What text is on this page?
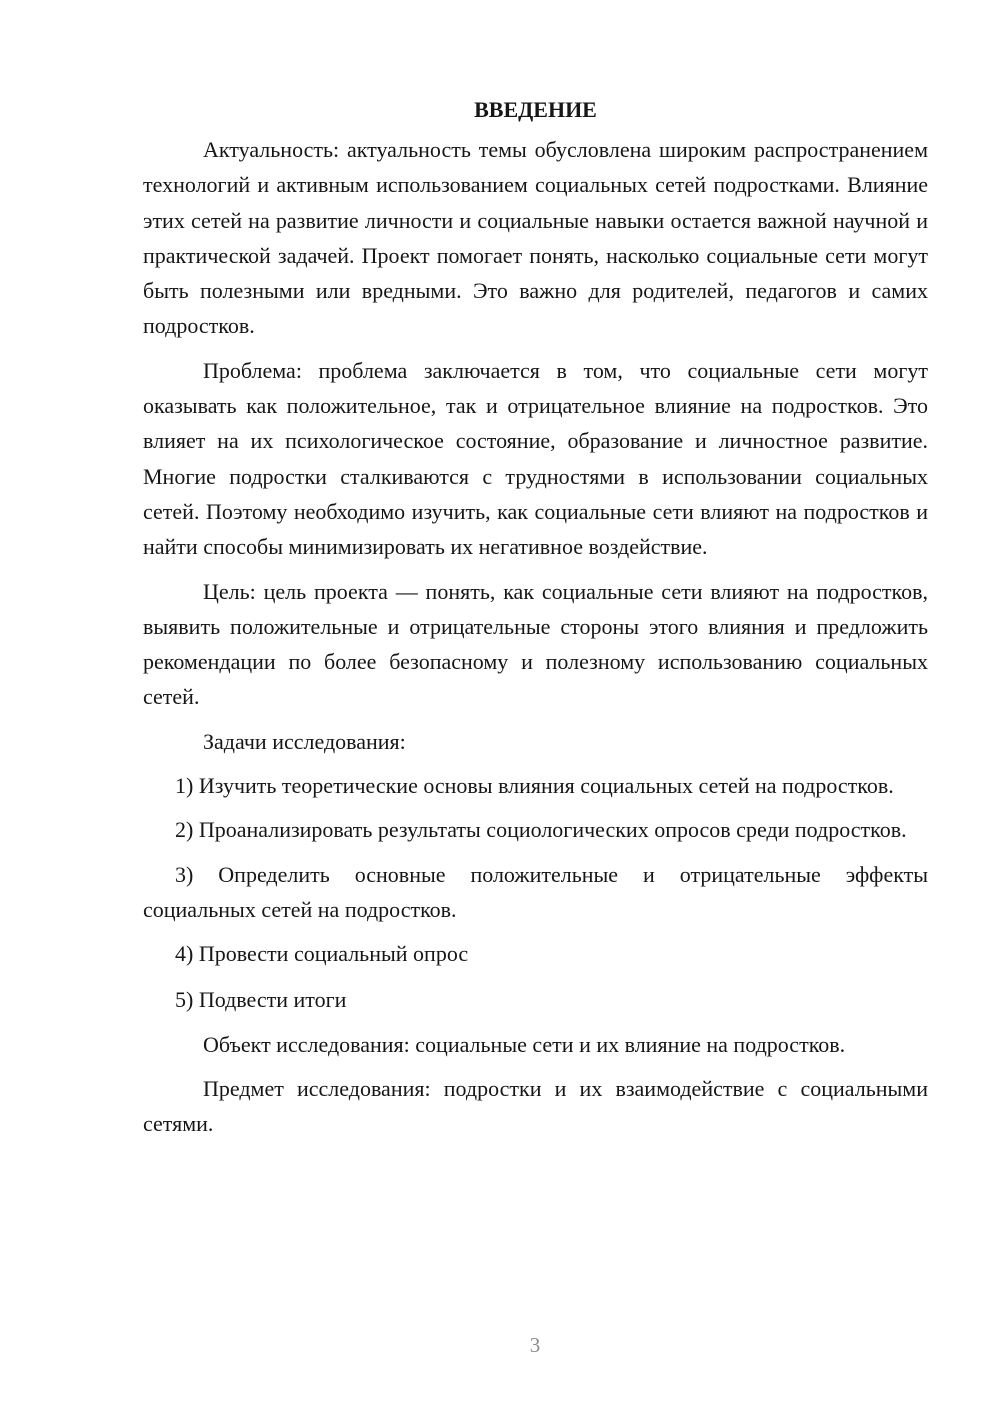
ВВЕДЕНИЕ

Актуальность: актуальность темы обусловлена широким распространением технологий и активным использованием социальных сетей подростками. Влияние этих сетей на развитие личности и социальные навыки остается важной научной и практической задачей. Проект помогает понять, насколько социальные сети могут быть полезными или вредными. Это важно для родителей, педагогов и самих подростков.

Проблема: проблема заключается в том, что социальные сети могут оказывать как положительное, так и отрицательное влияние на подростков. Это влияет на их психологическое состояние, образование и личностное развитие. Многие подростки сталкиваются с трудностями в использовании социальных сетей. Поэтому необходимо изучить, как социальные сети влияют на подростков и найти способы минимизировать их негативное воздействие.

Цель: цель проекта — понять, как социальные сети влияют на подростков, выявить положительные и отрицательные стороны этого влияния и предложить рекомендации по более безопасному и полезному использованию социальных сетей.

Задачи исследования:

1) Изучить теоретические основы влияния социальных сетей на подростков.

2) Проанализировать результаты социологических опросов среди подростков.

3) Определить основные положительные и отрицательные эффекты социальных сетей на подростков.

4) Провести социальный опрос

5) Подвести итоги

Объект исследования: социальные сети и их влияние на подростков.

Предмет исследования: подростки и их взаимодействие с социальными сетями.

3
